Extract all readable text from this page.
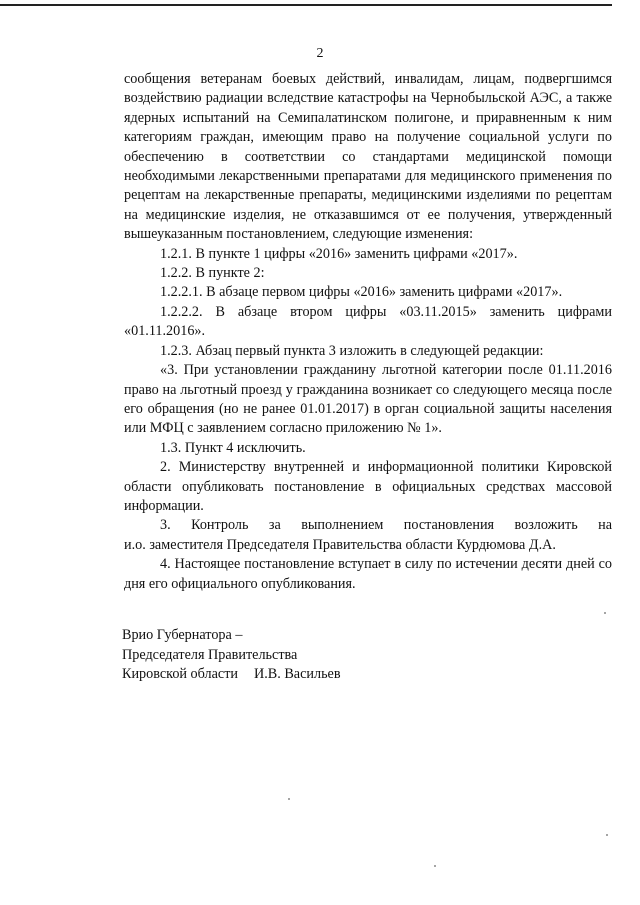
2

сообщения ветеранам боевых действий, инвалидам, лицам, подвергшимся воздействию радиации вследствие катастрофы на Чернобыльской АЭС, а также ядерных испытаний на Семипалатинском полигоне, и приравненным к ним категориям граждан, имеющим право на получение социальной услуги по обеспечению в соответствии со стандартами медицинской помощи необходимыми лекарственными препаратами для медицинского применения по рецептам на лекарственные препараты, медицинскими изделиями по рецептам на медицинские изделия, не отказавшимся от ее получения, утвержденный вышеуказанным постановлением, следующие изменения:

1.2.1. В пункте 1 цифры «2016» заменить цифрами «2017».

1.2.2. В пункте 2:

1.2.2.1. В абзаце первом цифры «2016» заменить цифрами «2017».

1.2.2.2. В абзаце втором цифры «03.11.2015» заменить цифрами «01.11.2016».

1.2.3. Абзац первый пункта 3 изложить в следующей редакции:

«3. При установлении гражданину льготной категории после 01.11.2016 право на льготный проезд у гражданина возникает со следующего месяца после его обращения (но не ранее 01.01.2017) в орган социальной защиты населения или МФЦ с заявлением согласно приложению № 1».

1.3. Пункт 4 исключить.

2. Министерству внутренней и информационной политики Кировской области опубликовать постановление в официальных средствах массовой информации.

3. Контроль за выполнением постановления возложить на

и.о. заместителя Председателя Правительства области Курдюмова Д.А.

4. Настоящее постановление вступает в силу по истечении десяти дней со дня его официального опубликования.

Врио Губернатора –
Председателя Правительства
Кировской области И.В. Васильев
